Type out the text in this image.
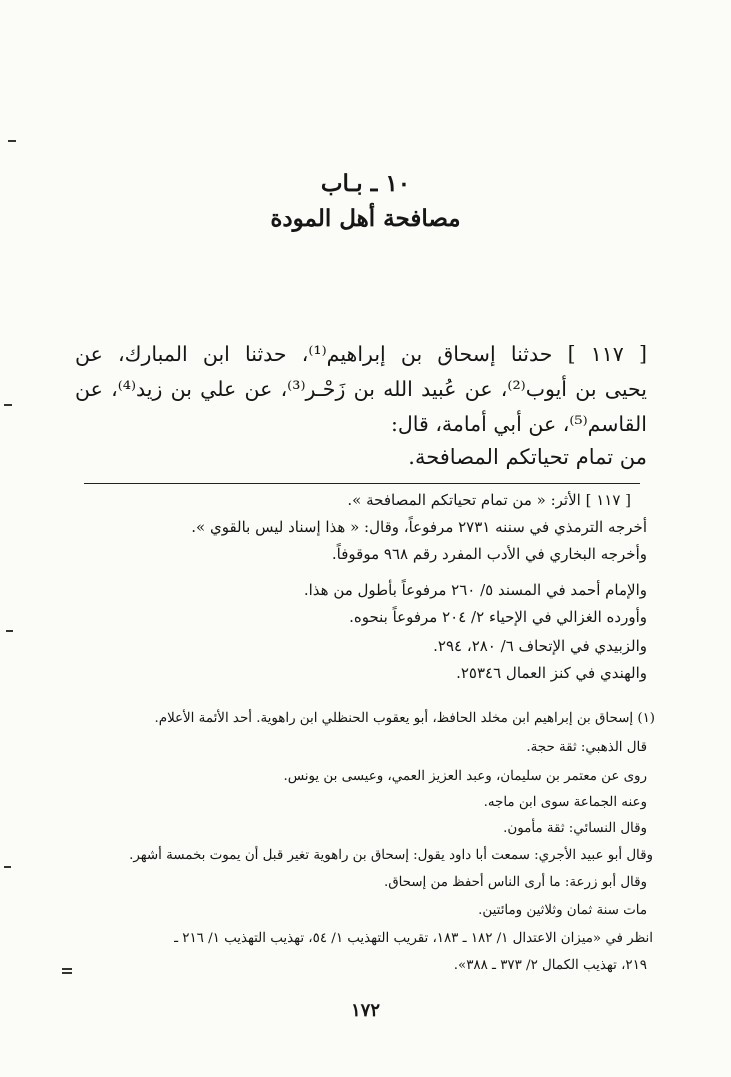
١٠ ـ بـاب
مصافحة أهل المودة
[ ١١٧ ] حدثنا إسحاق بن إبراهيم⁽¹⁾، حدثنا ابن المبارك، عن
يحيى بن أيوب⁽²⁾، عن عُبيد الله بن زَحْـر⁽³⁾، عن علي بن زيد⁽⁴⁾، عن
القاسم⁽⁵⁾، عن أبي أمامة، قال:
من تمام تحياتكم المصافحة.
[ ١١٧ ] الأثر: « من تمام تحياتكم المصافحة ».
أخرجه الترمذي في سننه ٢٧٣١ مرفوعاً، وقال: « هذا إسناد ليس بالقوي ».
وأخرجه البخاري في الأدب المفرد رقم ٩٦٨ موقوفاً.
والإمام أحمد في المسند ٥/ ٢٦٠ مرفوعاً بأطول من هذا.
وأورده الغزالي في الإحياء ٢/ ٢٠٤ مرفوعاً بنحوه.
والزبيدي في الإتحاف ٦/ ٢٨٠، ٢٩٤.
والهندي في كنز العمال ٢٥٣٤٦.
(١) إسحاق بن إبراهيم ابن مخلد الحافظ، أبو يعقوب الحنظلي ابن راهوية. أحد الأئمة الأعلام.
قال الذهبي: ثقة حجة.
روى عن معتمر بن سليمان، وعبد العزيز العمي، وعيسى بن يونس.
وعنه الجماعة سوى ابن ماجه.
وقال النسائي: ثقة مأمون.
وقال أبو عبيد الأجري: سمعت أبا داود يقول: إسحاق بن راهوية تغير قبل أن يموت بخمسة أشهر.
وقال أبو زرعة: ما أرى الناس أحفظ من إسحاق.
مات سنة ثمان وثلاثين ومائتين.
انظر في «ميزان الاعتدال ١/ ١٨٢ ـ ١٨٣، تقريب التهذيب ١/ ٥٤، تهذيب التهذيب ١/ ٢١٦ ـ
٢١٩، تهذيب الكمال ٢/ ٣٧٣ ـ ٣٨٨».
١٧٢
